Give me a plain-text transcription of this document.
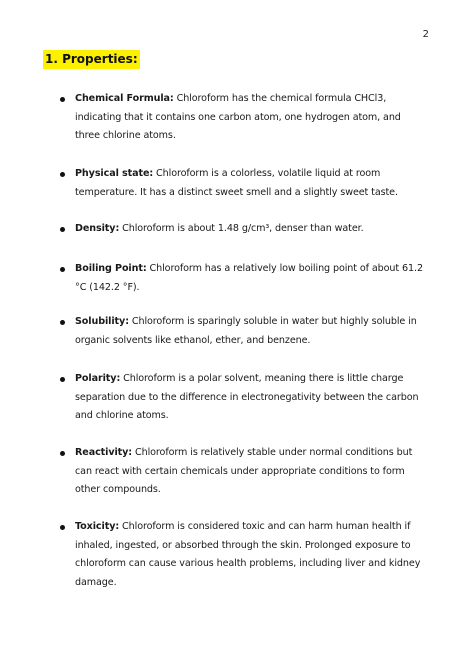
2
1. Properties:
Chemical Formula: Chloroform has the chemical formula CHCl3, indicating that it contains one carbon atom, one hydrogen atom, and three chlorine atoms.
Physical state: Chloroform is a colorless, volatile liquid at room temperature. It has a distinct sweet smell and a slightly sweet taste.
Density: Chloroform is about 1.48 g/cm³, denser than water.
Boiling Point: Chloroform has a relatively low boiling point of about 61.2 °C (142.2 °F).
Solubility: Chloroform is sparingly soluble in water but highly soluble in organic solvents like ethanol, ether, and benzene.
Polarity: Chloroform is a polar solvent, meaning there is little charge separation due to the difference in electronegativity between the carbon and chlorine atoms.
Reactivity: Chloroform is relatively stable under normal conditions but can react with certain chemicals under appropriate conditions to form other compounds.
Toxicity: Chloroform is considered toxic and can harm human health if inhaled, ingested, or absorbed through the skin. Prolonged exposure to chloroform can cause various health problems, including liver and kidney damage.
